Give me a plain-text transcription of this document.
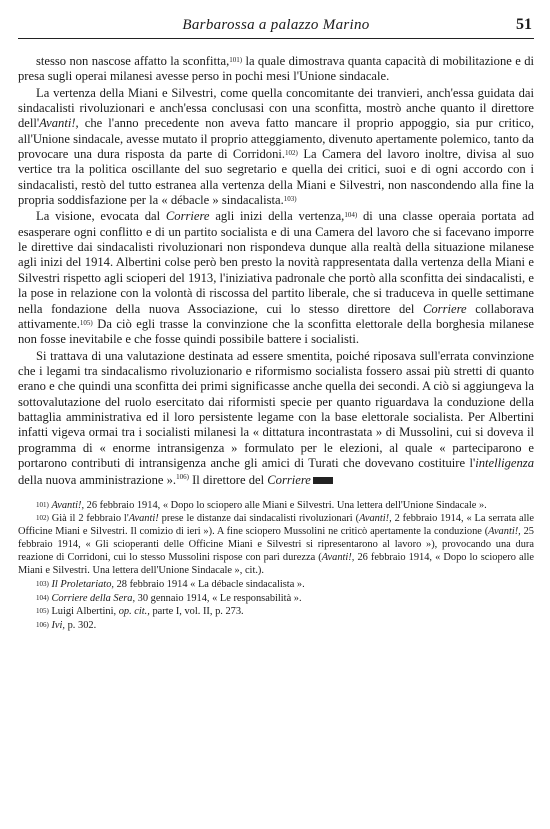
Barbarossa a palazzo Marino	51

stesso non nascose affatto la sconfitta,$^{101)}$ la quale dimostrava quanta capacità di mobilitazione e di presa sugli operai milanesi avesse perso in pochi mesi l'Unione sindacale.

La vertenza della Miani e Silvestri, come quella concomitante dei tranvieri, anch'essa guidata dai sindacalisti rivoluzionari e anch'essa conclusasi con una sconfitta, mostrò anche quanto il direttore dell'Avanti!, che l'anno precedente non aveva fatto mancare il proprio appoggio, sia pur critico, all'Unione sindacale, avesse mutato il proprio atteggiamento, divenuto apertamente polemico, tanto da provocare una dura risposta da parte di Corridoni.$^{102)}$ La Camera del lavoro inoltre, divisa al suo vertice tra la politica oscillante del suo segretario e quella dei critici, suoi e di ogni accordo con i sindacalisti, restò del tutto estranea alla vertenza della Miani e Silvestri, non nascondendo alla fine la propria soddisfazione per la « débacle » sindacalista.$^{103)}$

La visione, evocata dal Corriere agli inizi della vertenza,$^{104)}$ di una classe operaia portata ad esasperare ogni conflitto e di un partito socialista e di una Camera del lavoro che si facevano imporre le direttive dai sindacalisti rivoluzionari non rispondeva dunque alla realtà della situazione milanese agli inizi del 1914. Albertini colse però ben presto la novità rappresentata dalla vertenza della Miani e Silvestri rispetto agli scioperi del 1913, l'iniziativa padronale che portò alla sconfitta dei sindacalisti, e la pose in relazione con la volontà di riscossa del partito liberale, che si traduceva in quelle settimane nella fondazione della nuova Associazione, cui lo stesso direttore del Corriere collaborava attivamente.$^{105)}$ Da ciò egli trasse la convinzione che la sconfitta elettorale della borghesia milanese non fosse inevitabile e che fosse quindi possibile battere i socialisti.

Si trattava di una valutazione destinata ad essere smentita, poiché riposava sull'errata convinzione che i legami tra sindacalismo rivoluzionario e riformismo socialista fossero assai più stretti di quanto erano e che quindi una sconfitta dei primi significasse anche quella dei secondi. A ciò si aggiungeva la sottovalutazione del ruolo esercitato dai riformisti specie per quanto riguardava la conduzione della battaglia amministrativa ed il loro persistente legame con la base elettorale socialista. Per Albertini infatti vigeva ormai tra i socialisti milanesi la « dittatura incontrastata » di Mussolini, cui si doveva il programma di « enorme intransigenza » formulato per le elezioni, al quale « parteciparono e portarono contributi di intransigenza anche gli amici di Turati che dovevano costituire l'intelligenza della nuova amministrazione ».$^{106)}$ Il direttore del Corriere

$^{101)}$ Avanti!, 26 febbraio 1914, « Dopo lo sciopero alle Miani e Silvestri. Una lettera dell'Unione Sindacale ».
$^{102)}$ Già il 2 febbraio l'Avanti! prese le distanze dai sindacalisti rivoluzionari (Avanti!, 2 febbraio 1914, « La serrata alle Officine Miani e Silvestri. Il comizio di ieri »). A fine sciopero Mussolini ne criticò apertamente la conduzione (Avanti!, 25 febbraio 1914, « Gli scioperanti delle Officine Miani e Silvestri si ripresentarono al lavoro »), provocando una dura reazione di Corridoni, cui lo stesso Mussolini rispose con pari durezza (Avanti!, 26 febbraio 1914, « Dopo lo sciopero alle Miani e Silvestri. Una lettera dell'Unione Sindacale », cit.).
$^{103)}$ Il Proletariato, 28 febbraio 1914 « La débacle sindacalista ».
$^{104)}$ Corriere della Sera, 30 gennaio 1914, « Le responsabilità ».
$^{105)}$ Luigi Albertini, op. cit., parte I, vol. II, p. 273.
$^{106)}$ Ivi, p. 302.
